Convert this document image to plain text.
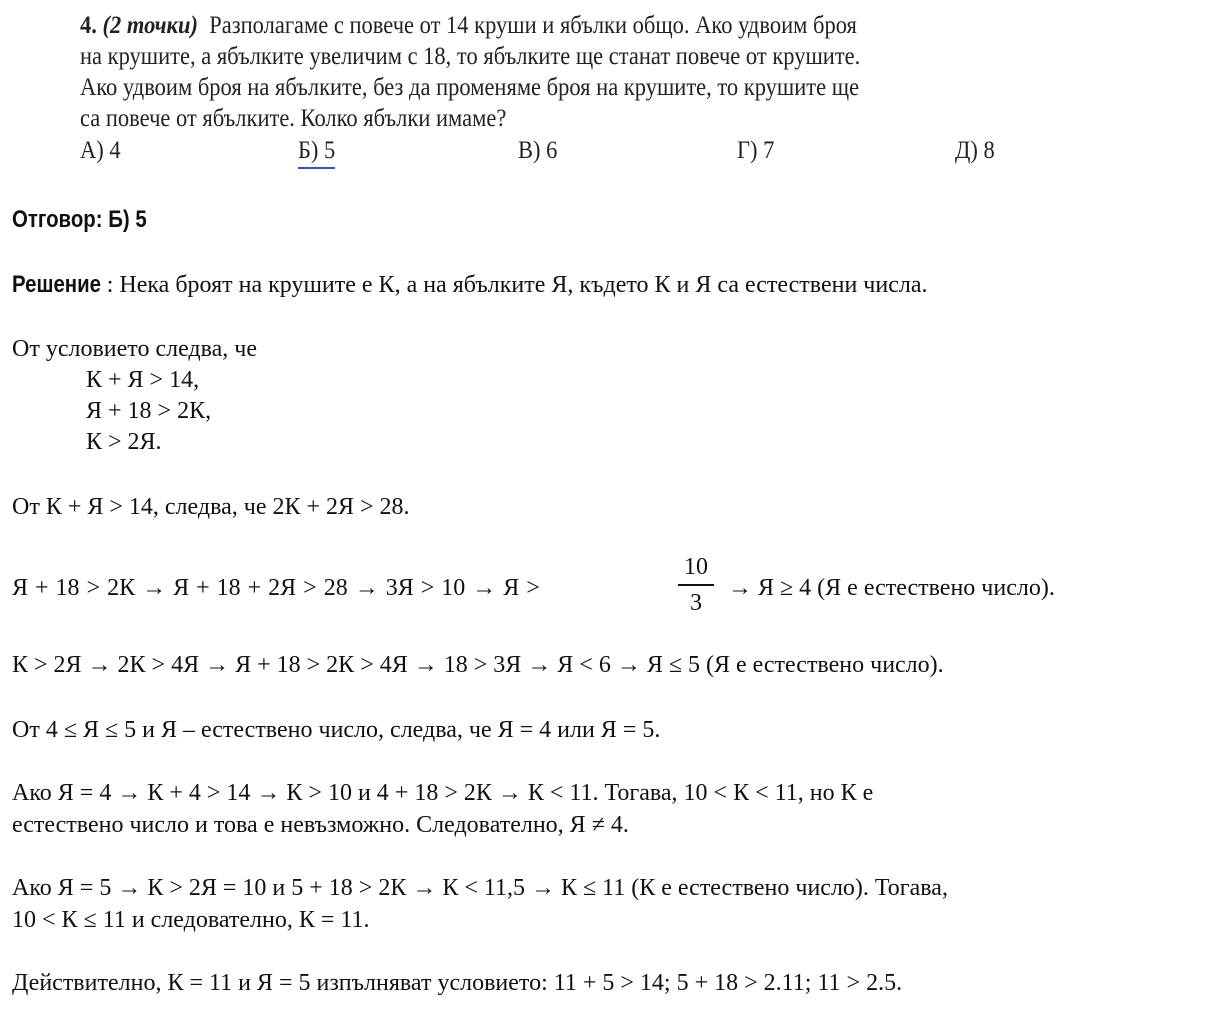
4. (2 точки) Разполагаме с повече от 14 круши и ябълки общо. Ако удвоим броя
на крушите, а ябълките увеличим с 18, то ябълките ще станат повече от крушите.
Ако удвоим броя на ябълките, без да променяме броя на крушите, то крушите ще
са повече от ябълките. Колко ябълки имаме?
А) 4	Б) 5	В) 6	Г) 7	Д) 8
Отговор: Б) 5
Решение : Нека броят на крушите е К, а на ябълките Я, където К и Я са естествени числа.
От условието следва, че
К + Я > 14,
Я + 18 > 2К,
К > 2Я.
От К + Я > 14, следва, че 2К + 2Я > 28.
Я + 18 > 2К → Я + 18 + 2Я > 28 → 3Я > 10 → Я >
10
3
→ Я ≥ 4 (Я е естествено число).
К > 2Я → 2К > 4Я → Я + 18 > 2К > 4Я → 18 > 3Я → Я < 6 → Я ≤ 5 (Я е естествено число).
От 4 ≤ Я ≤ 5 и Я – естествено число, следва, че Я = 4 или Я = 5.
Ако Я = 4 → К + 4 > 14 → К > 10 и 4 + 18 > 2К → К < 11. Тогава, 10 < К < 11, но К е
естествено число и това е невъзможно. Следователно, Я ≠ 4.
Ако Я = 5 → К > 2Я = 10 и 5 + 18 > 2К → К < 11,5 → К ≤ 11 (К е естествено число). Тогава,
10 < К ≤ 11 и следователно, К = 11.
Действително, К = 11 и Я = 5 изпълняват условието: 11 + 5 > 14; 5 + 18 > 2.11; 11 > 2.5.
